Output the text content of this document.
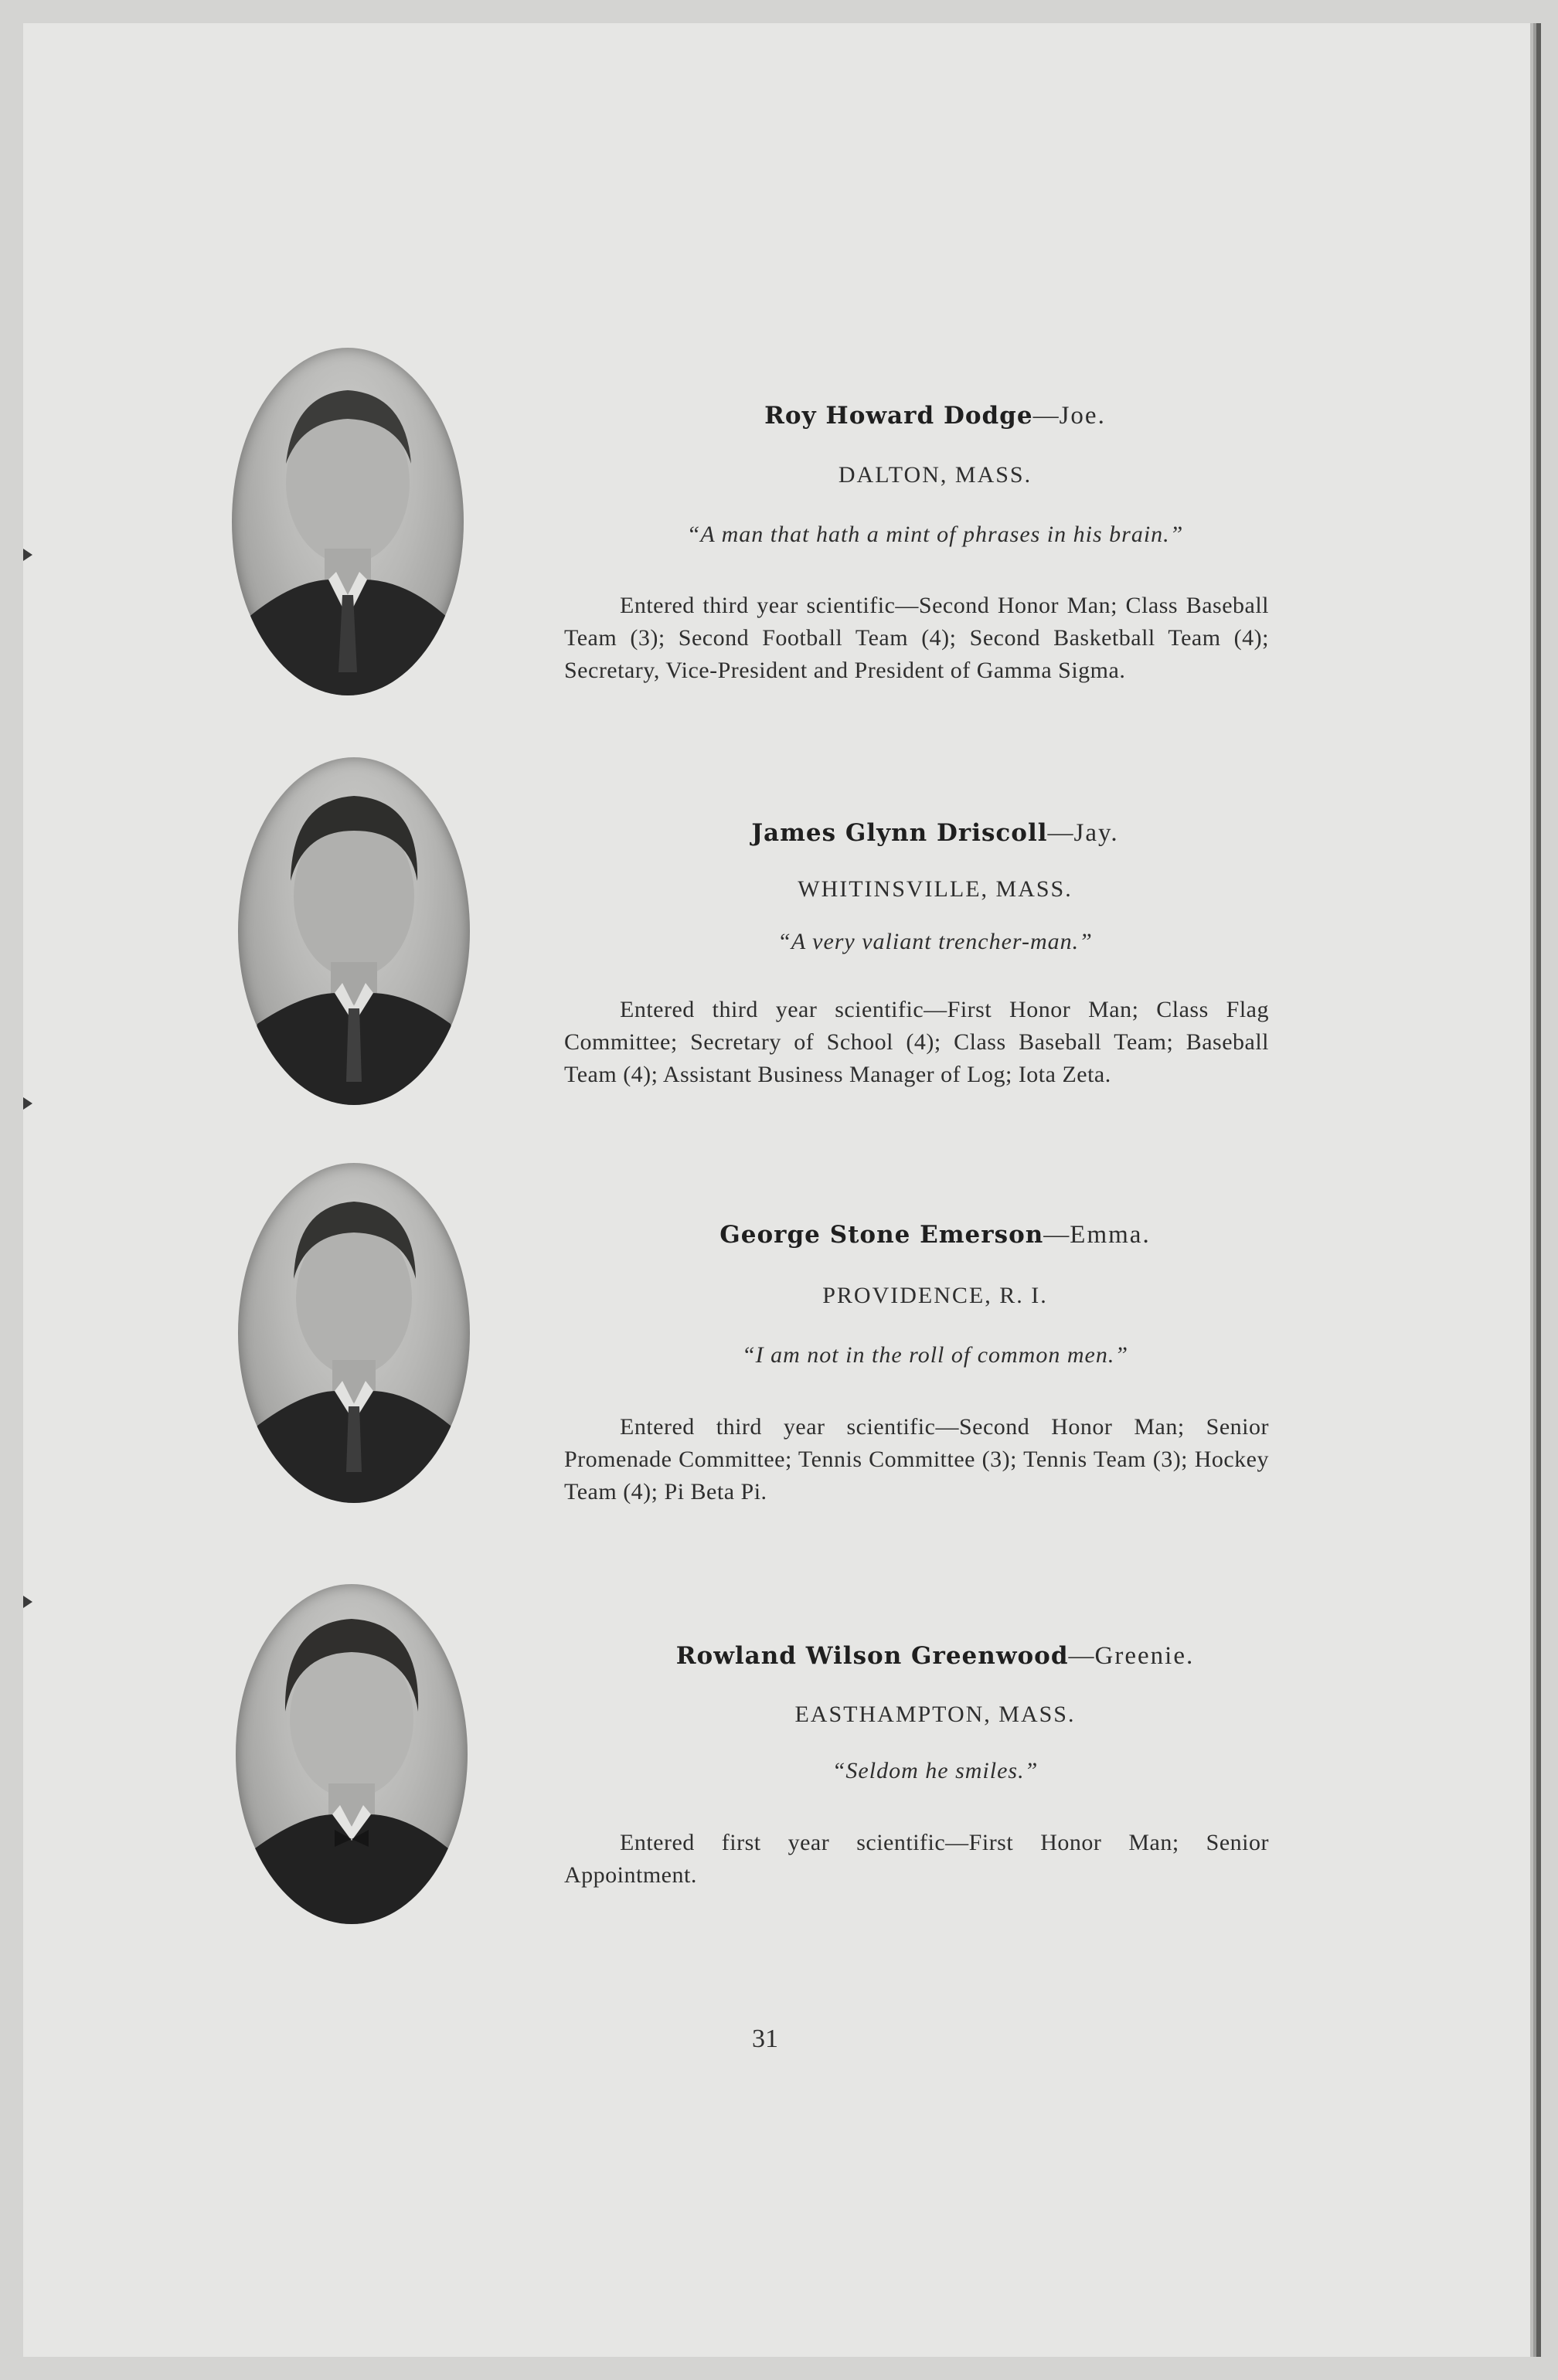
Roy Howard Dodge—Joe.
DALTON, MASS.
“A man that hath a mint of phrases in his brain.”
Entered third year scientific—Second Honor Man; Class Baseball Team (3); Second Football Team (4); Second Basketball Team (4); Secretary, Vice-President and President of Gamma Sigma.
James Glynn Driscoll—Jay.
WHITINSVILLE, MASS.
“A very valiant trencher-man.”
Entered third year scientific—First Honor Man; Class Flag Committee; Secretary of School (4); Class Baseball Team; Baseball Team (4); Assistant Business Manager of Log; Iota Zeta.
George Stone Emerson—Emma.
PROVIDENCE, R. I.
“I am not in the roll of common men.”
Entered third year scientific—Second Honor Man; Senior Promenade Committee; Tennis Committee (3); Tennis Team (3); Hockey Team (4); Pi Beta Pi.
Rowland Wilson Greenwood—Greenie.
EASTHAMPTON, MASS.
“Seldom he smiles.”
Entered first year scientific—First Honor Man; Senior Appointment.
31
